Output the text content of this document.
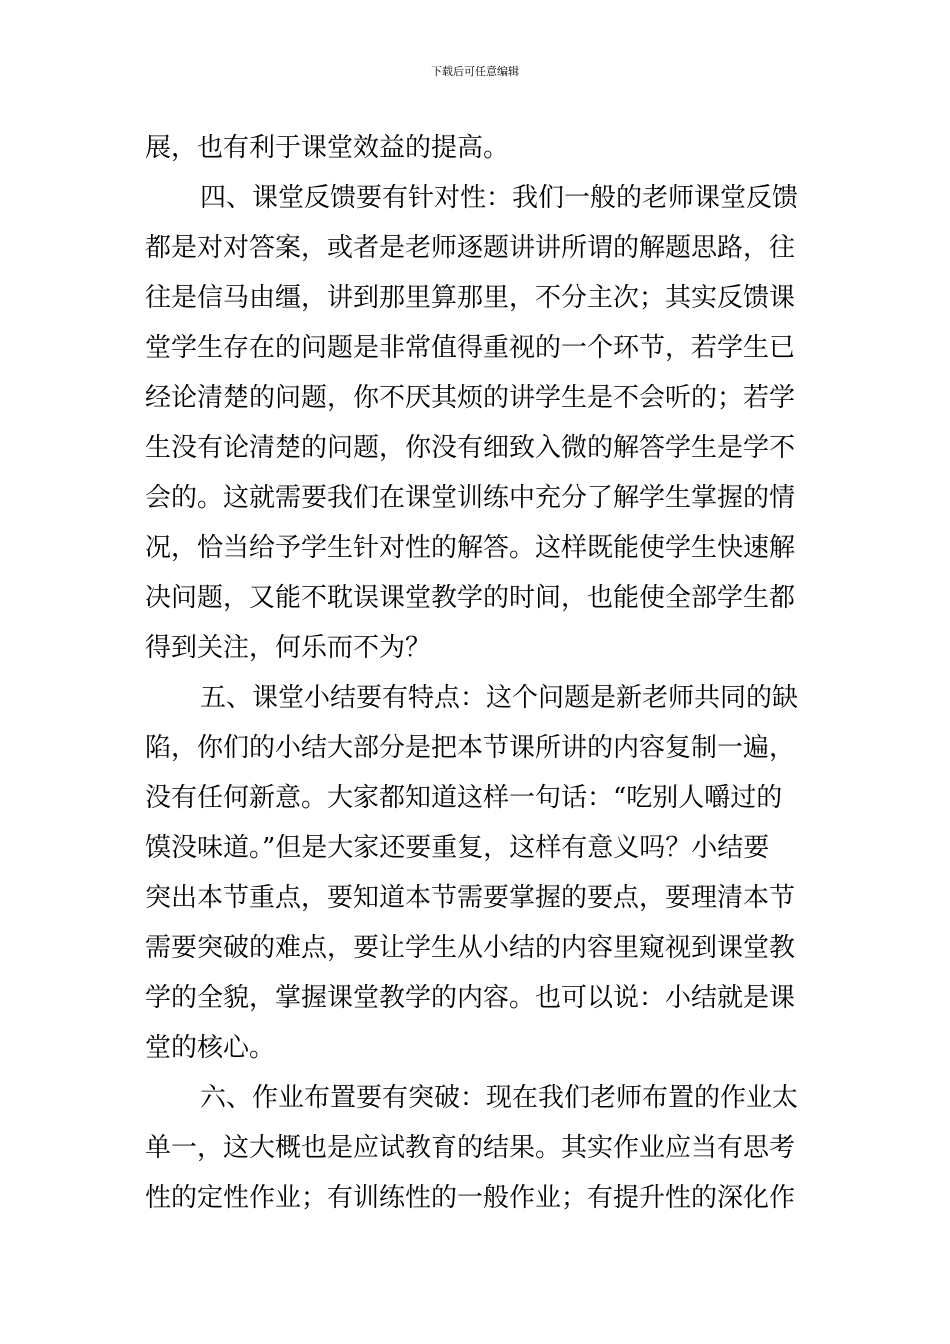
下载后可任意编辑
展，也有利于课堂效益的提高。
四、课堂反馈要有针对性：我们一般的老师课堂反馈
都是对对答案，或者是老师逐题讲讲所谓的解题思路，往
往是信马由缰，讲到那里算那里，不分主次；其实反馈课
堂学生存在的问题是非常值得重视的一个环节，若学生已
经论清楚的问题，你不厌其烦的讲学生是不会听的；若学
生没有论清楚的问题，你没有细致入微的解答学生是学不
会的。这就需要我们在课堂训练中充分了解学生掌握的情
况，恰当给予学生针对性的解答。这样既能使学生快速解
决问题，又能不耽误课堂教学的时间，也能使全部学生都
得到关注，何乐而不为？
五、课堂小结要有特点：这个问题是新老师共同的缺
陷，你们的小结大部分是把本节课所讲的内容复制一遍，
没有任何新意。大家都知道这样一句话：“吃别人嚼过的
馍没味道。”但是大家还要重复，这样有意义吗？小结要
突出本节重点，要知道本节需要掌握的要点，要理清本节
需要突破的难点，要让学生从小结的内容里窥视到课堂教
学的全貌，掌握课堂教学的内容。也可以说：小结就是课
堂的核心。
六、作业布置要有突破：现在我们老师布置的作业太
单一，这大概也是应试教育的结果。其实作业应当有思考
性的定性作业；有训练性的一般作业；有提升性的深化作
